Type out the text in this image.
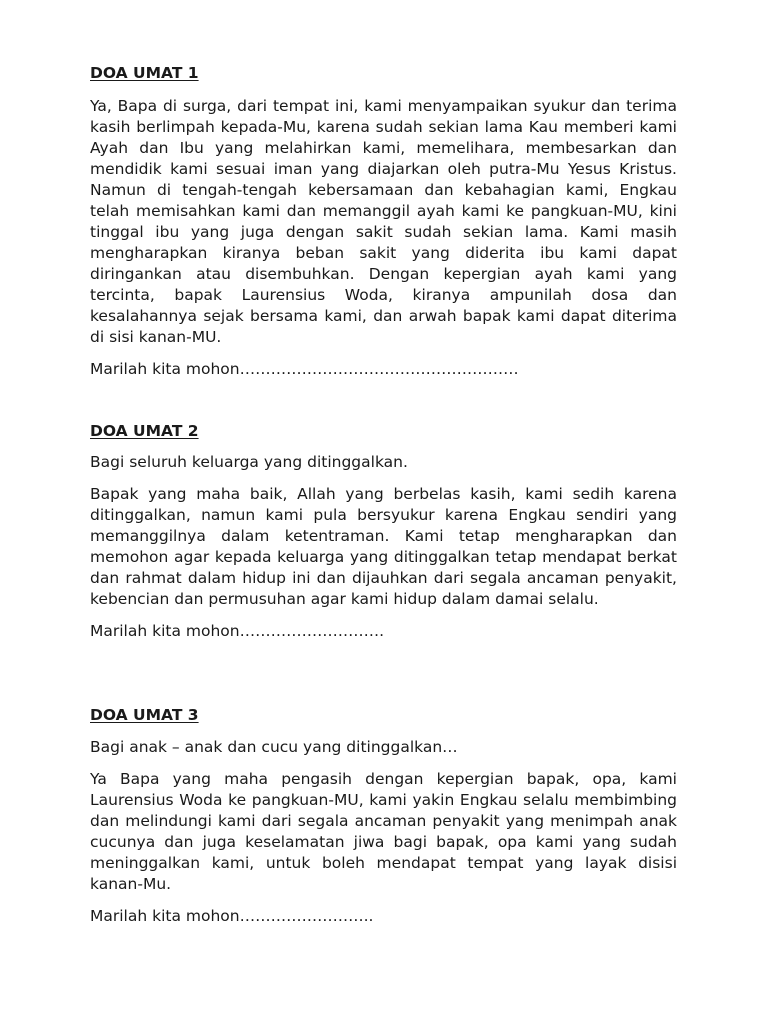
DOA UMAT 1

Ya, Bapa di surga, dari tempat ini, kami menyampaikan syukur dan terima kasih berlimpah kepada-Mu, karena sudah sekian lama Kau memberi kami Ayah dan Ibu yang melahirkan kami, memelihara, membesarkan dan mendidik kami sesuai iman yang diajarkan oleh putra-Mu Yesus Kristus. Namun di tengah-tengah kebersamaan dan kebahagian kami, Engkau telah memisahkan kami dan memanggil ayah kami ke pangkuan-MU, kini tinggal ibu yang juga dengan sakit sudah sekian lama. Kami masih mengharapkan kiranya beban sakit yang diderita ibu kami dapat diringankan atau disembuhkan. Dengan kepergian ayah kami yang tercinta, bapak Laurensius Woda, kiranya ampunilah dosa dan kesalahannya sejak bersama kami, dan arwah bapak kami dapat diterima di sisi kanan-MU.

Marilah kita mohon………………………………………………

DOA UMAT 2

Bagi seluruh keluarga yang ditinggalkan.

Bapak yang maha baik, Allah yang berbelas kasih, kami sedih karena ditinggalkan, namun kami pula bersyukur karena Engkau sendiri yang memanggilnya dalam ketentraman. Kami tetap mengharapkan dan memohon agar kepada keluarga yang ditinggalkan tetap mendapat berkat dan rahmat dalam hidup ini dan dijauhkan dari segala ancaman penyakit, kebencian dan permusuhan agar kami hidup dalam damai selalu.

Marilah kita mohon……………………….

DOA UMAT 3

Bagi anak – anak dan cucu yang ditinggalkan…

Ya Bapa yang maha pengasih dengan kepergian bapak, opa, kami Laurensius Woda ke pangkuan-MU, kami yakin Engkau selalu membimbing dan melindungi kami dari segala ancaman penyakit yang menimpah anak cucunya dan juga keselamatan jiwa bagi bapak, opa kami yang sudah meninggalkan kami, untuk boleh mendapat tempat yang layak disisi kanan-Mu.

Marilah kita mohon……………………..
